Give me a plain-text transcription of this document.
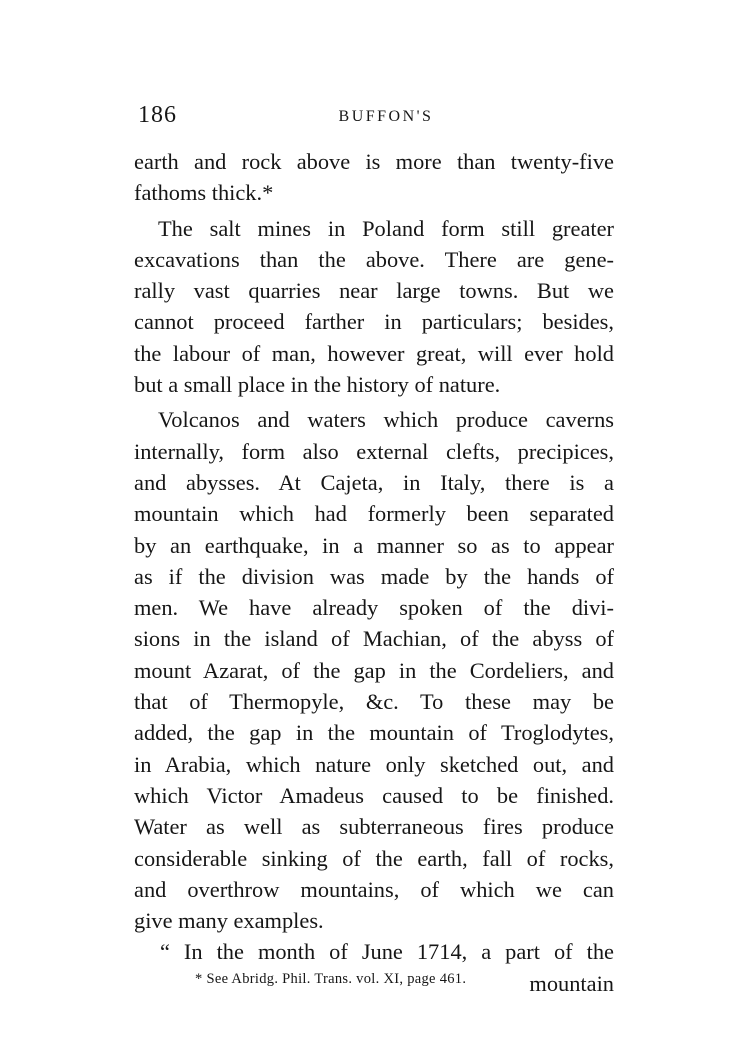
186	BUFFON'S
earth and rock above is more than twenty-five
fathoms thick.*
The salt mines in Poland form still greater
excavations than the above. There are gene-
rally vast quarries near large towns. But we
cannot proceed farther in particulars; besides,
the labour of man, however great, will ever hold
but a small place in the history of nature.
Volcanos and waters which produce caverns
internally, form also external clefts, precipices,
and abysses. At Cajeta, in Italy, there is a
mountain which had formerly been separated
by an earthquake, in a manner so as to appear
as if the division was made by the hands of
men. We have already spoken of the divi-
sions in the island of Machian, of the abyss of
mount Azarat, of the gap in the Cordeliers, and
that of Thermopyle, &c. To these may be
added, the gap in the mountain of Troglodytes,
in Arabia, which nature only sketched out, and
which Victor Amadeus caused to be finished.
Water as well as subterraneous fires produce
considerable sinking of the earth, fall of rocks,
and overthrow mountains, of which we can
give many examples.
“ In the month of June 1714, a part of the
mountain
* See Abridg. Phil. Trans. vol. XI, page 461.
